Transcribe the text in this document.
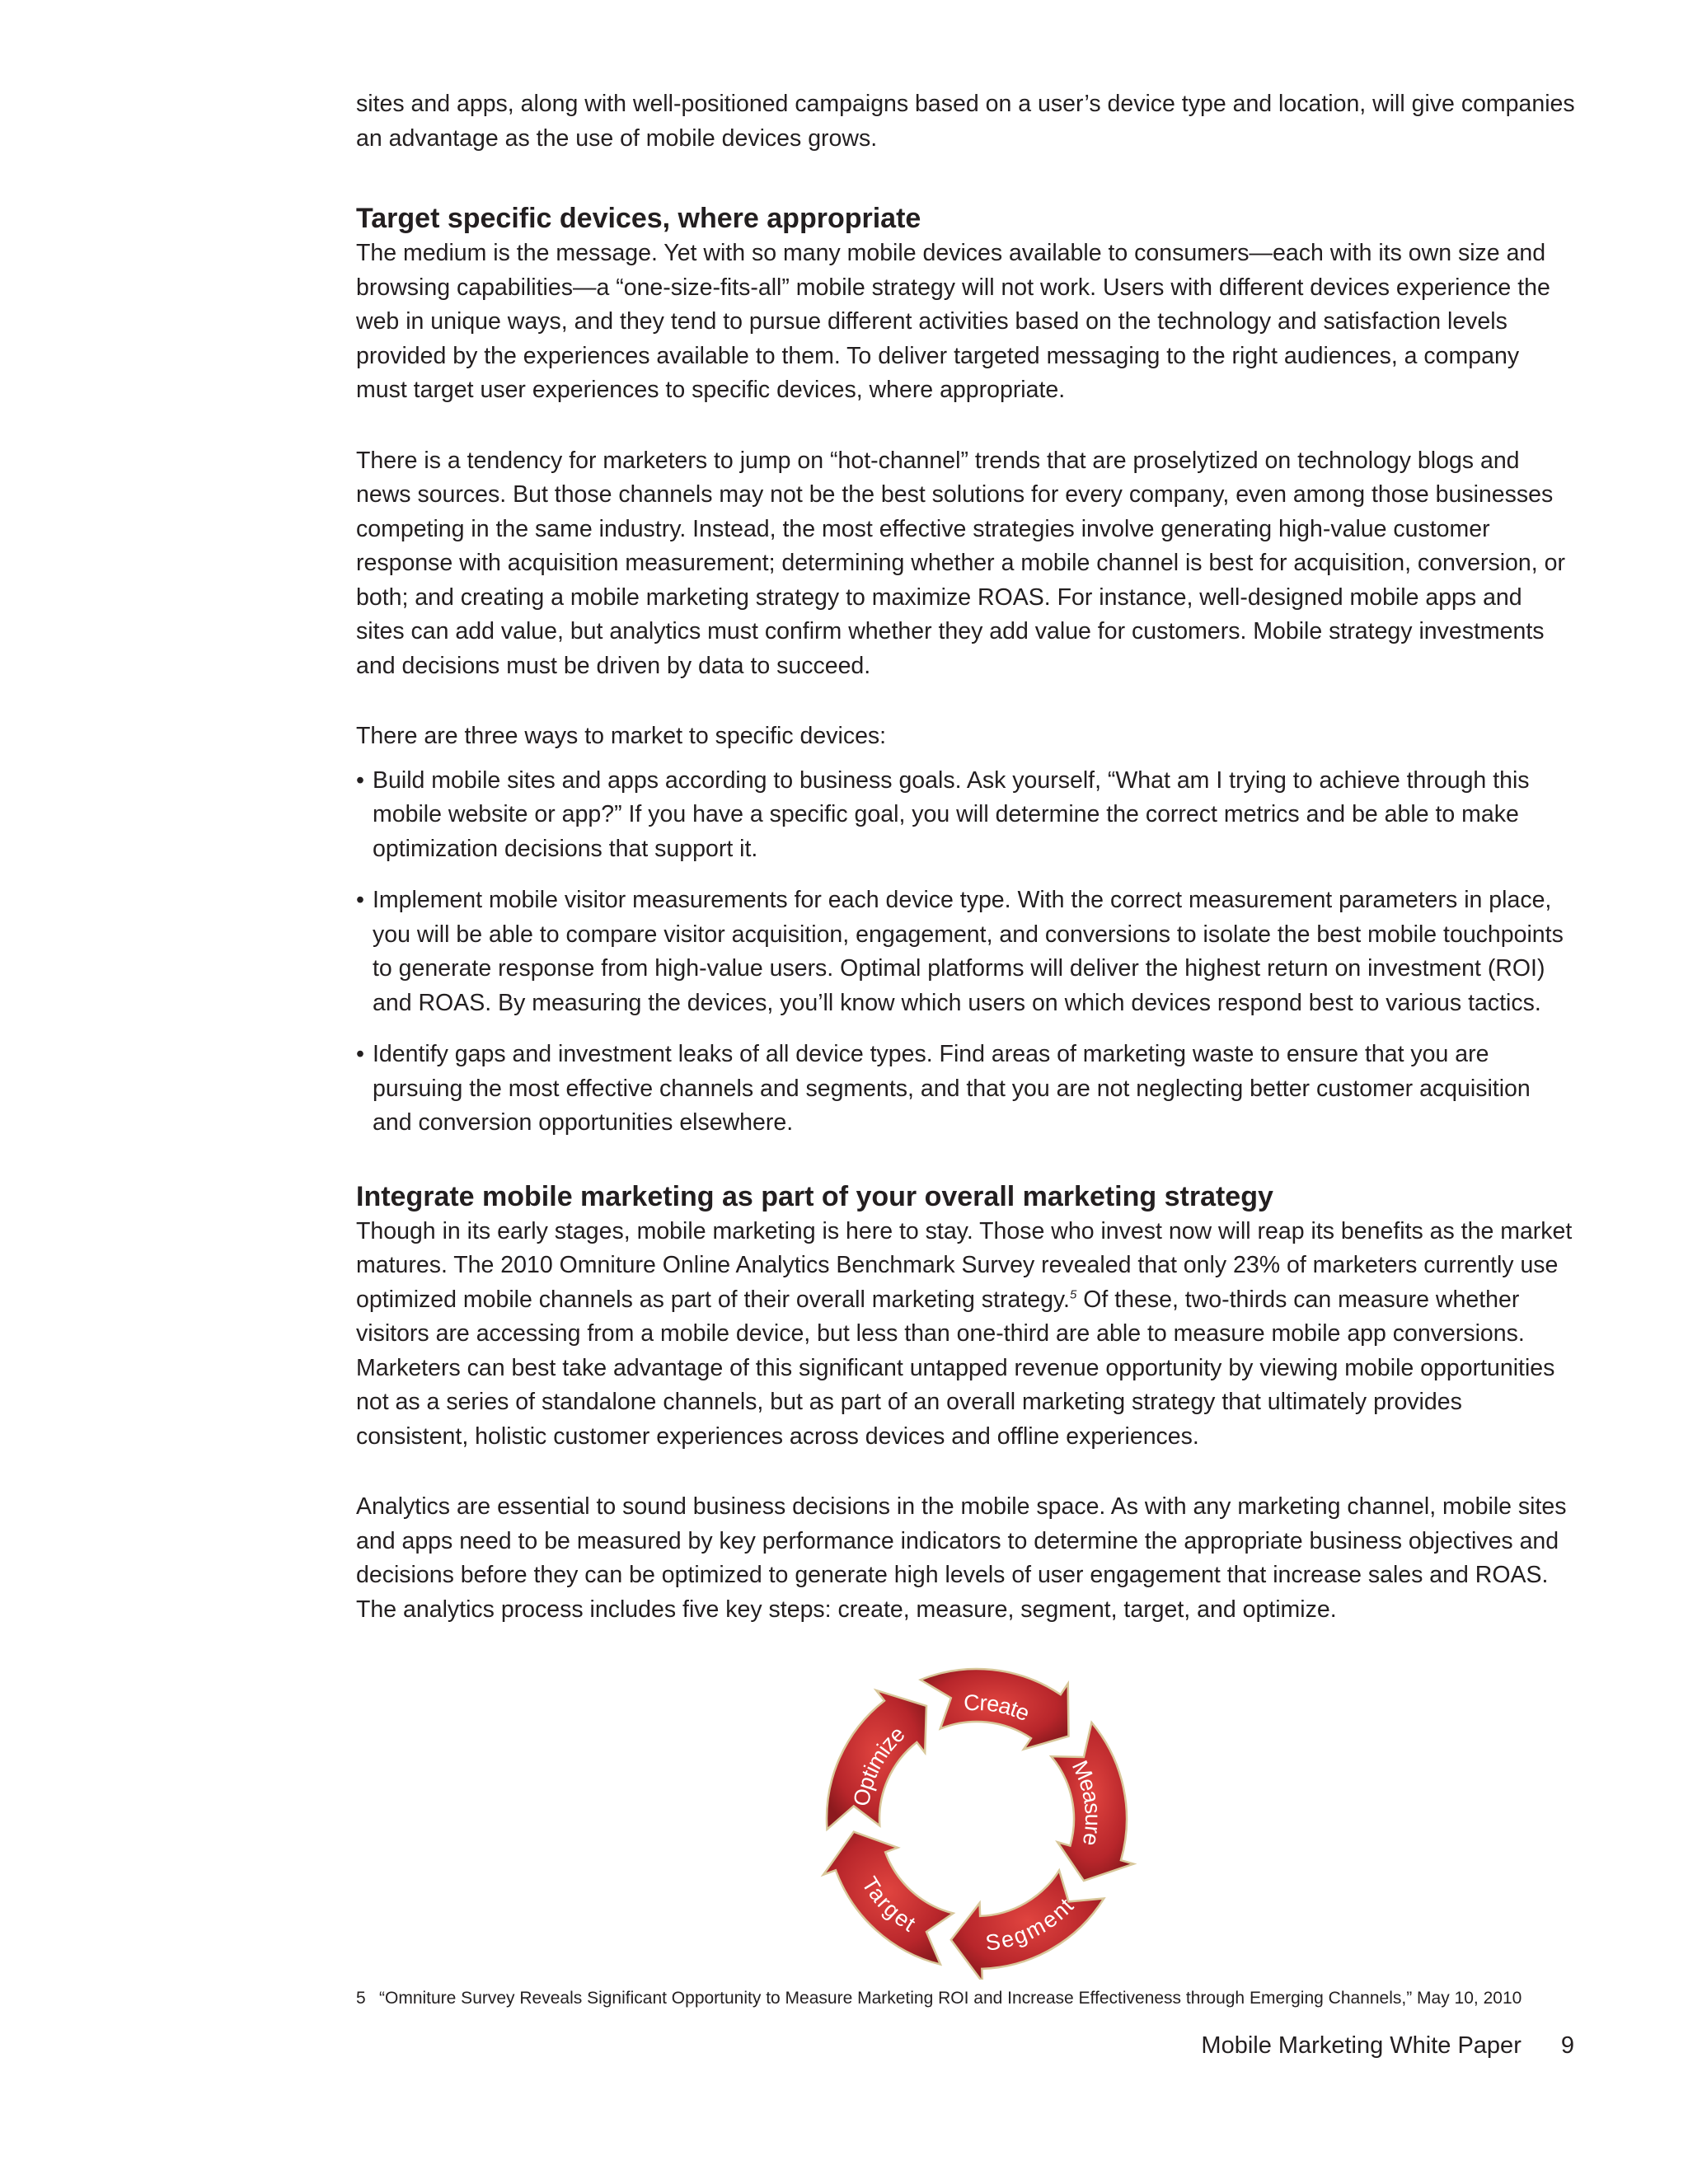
sites and apps, along with well-positioned campaigns based on a user’s device type and location, will give companies an advantage as the use of mobile devices grows.

Target specific devices, where appropriate

The medium is the message. Yet with so many mobile devices available to consumers—each with its own size and browsing capabilities—a “one-size-fits-all” mobile strategy will not work. Users with different devices experience the web in unique ways, and they tend to pursue different activities based on the technology and satisfaction levels provided by the experiences available to them. To deliver targeted messaging to the right audiences, a company must target user experiences to specific devices, where appropriate.

There is a tendency for marketers to jump on “hot-channel” trends that are proselytized on technology blogs and news sources. But those channels may not be the best solutions for every company, even among those businesses competing in the same industry. Instead, the most effective strategies involve generating high-value customer response with acquisition measurement; determining whether a mobile channel is best for acquisition, conversion, or both; and creating a mobile marketing strategy to maximize ROAS. For instance, well-designed mobile apps and sites can add value, but analytics must confirm whether they add value for customers. Mobile strategy investments and decisions must be driven by data to succeed.

There are three ways to market to specific devices:

• Build mobile sites and apps according to business goals. Ask yourself, “What am I trying to achieve through this mobile website or app?” If you have a specific goal, you will determine the correct metrics and be able to make optimization decisions that support it.
• Implement mobile visitor measurements for each device type. With the correct measurement parameters in place, you will be able to compare visitor acquisition, engagement, and conversions to isolate the best mobile touchpoints to generate response from high-value users. Optimal platforms will deliver the highest return on investment (ROI) and ROAS. By measuring the devices, you’ll know which users on which devices respond best to various tactics.
• Identify gaps and investment leaks of all device types. Find areas of marketing waste to ensure that you are pursuing the most effective channels and segments, and that you are not neglecting better customer acquisition and conversion opportunities elsewhere.
Integrate mobile marketing as part of your overall marketing strategy

Though in its early stages, mobile marketing is here to stay. Those who invest now will reap its benefits as the market matures. The 2010 Omniture Online Analytics Benchmark Survey revealed that only 23% of marketers currently use optimized mobile channels as part of their overall marketing strategy.$^5$ Of these, two-thirds can measure whether visitors are accessing from a mobile device, but less than one-third are able to measure mobile app conversions. Marketers can best take advantage of this significant untapped revenue opportunity by viewing mobile opportunities not as a series of standalone channels, but as part of an overall marketing strategy that ultimately provides consistent, holistic customer experiences across devices and offline experiences.

Analytics are essential to sound business decisions in the mobile space. As with any marketing channel, mobile sites and apps need to be measured by key performance indicators to determine the appropriate business objectives and decisions before they can be optimized to generate high levels of user engagement that increase sales and ROAS. The analytics process includes five key steps: create, measure, segment, target, and optimize.

Create
Measure
Segment
Target
Optimize
5 “Omniture Survey Reveals Significant Opportunity to Measure Marketing ROI and Increase Effectiveness through Emerging Channels,” May 10, 2010
Mobile Marketing White Paper 9
